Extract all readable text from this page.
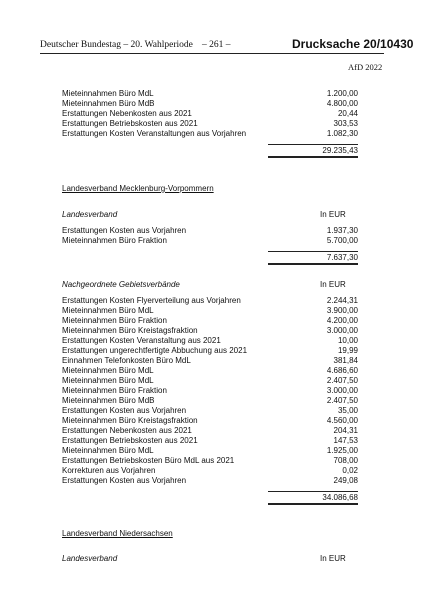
Deutscher Bundestag – 20. Wahlperiode – 261 –	Drucksache 20/10430
AfD 2022
Mieteinnahmen Büro MdL	1.200,00
Mieteinnahmen Büro MdB	4.800,00
Erstattungen Nebenkosten aus 2021	20,44
Erstattungen Betriebskosten aus 2021	303,53
Erstattungen Kosten Veranstaltungen aus Vorjahren	1.082,30
29.235,43
Landesverband Mecklenburg-Vorpommern
Landesverband	In EUR
Erstattungen Kosten aus Vorjahren	1.937,30
Mieteinnahmen Büro Fraktion	5.700,00
7.637,30
Nachgeordnete Gebietsverbände	In EUR
Erstattungen Kosten Flyerverteilung aus Vorjahren	2.244,31
Mieteinnahmen Büro MdL	3.900,00
Mieteinnahmen Büro Fraktion	4.200,00
Mieteinnahmen Büro Kreistagsfraktion	3.000,00
Erstattungen Kosten Veranstaltung aus 2021	10,00
Erstattungen ungerechtfertigte Abbuchung aus 2021	19,99
Einnahmen Telefonkosten Büro MdL	381,84
Mieteinnahmen Büro MdL	4.686,60
Mieteinnahmen Büro MdL	2.407,50
Mieteinnahmen Büro Fraktion	3.000,00
Mieteinnahmen Büro MdB	2.407,50
Erstattungen Kosten aus Vorjahren	35,00
Mieteinnahmen Büro Kreistagsfraktion	4.560,00
Erstattungen Nebenkosten aus 2021	204,31
Erstattungen Betriebskosten aus 2021	147,53
Mieteinnahmen Büro MdL	1.925,00
Erstattungen Betriebskosten Büro MdL aus 2021	708,00
Korrekturen aus Vorjahren	0,02
Erstattungen Kosten aus Vorjahren	249,08
34.086,68
Landesverband Niedersachsen
Landesverband	In EUR
